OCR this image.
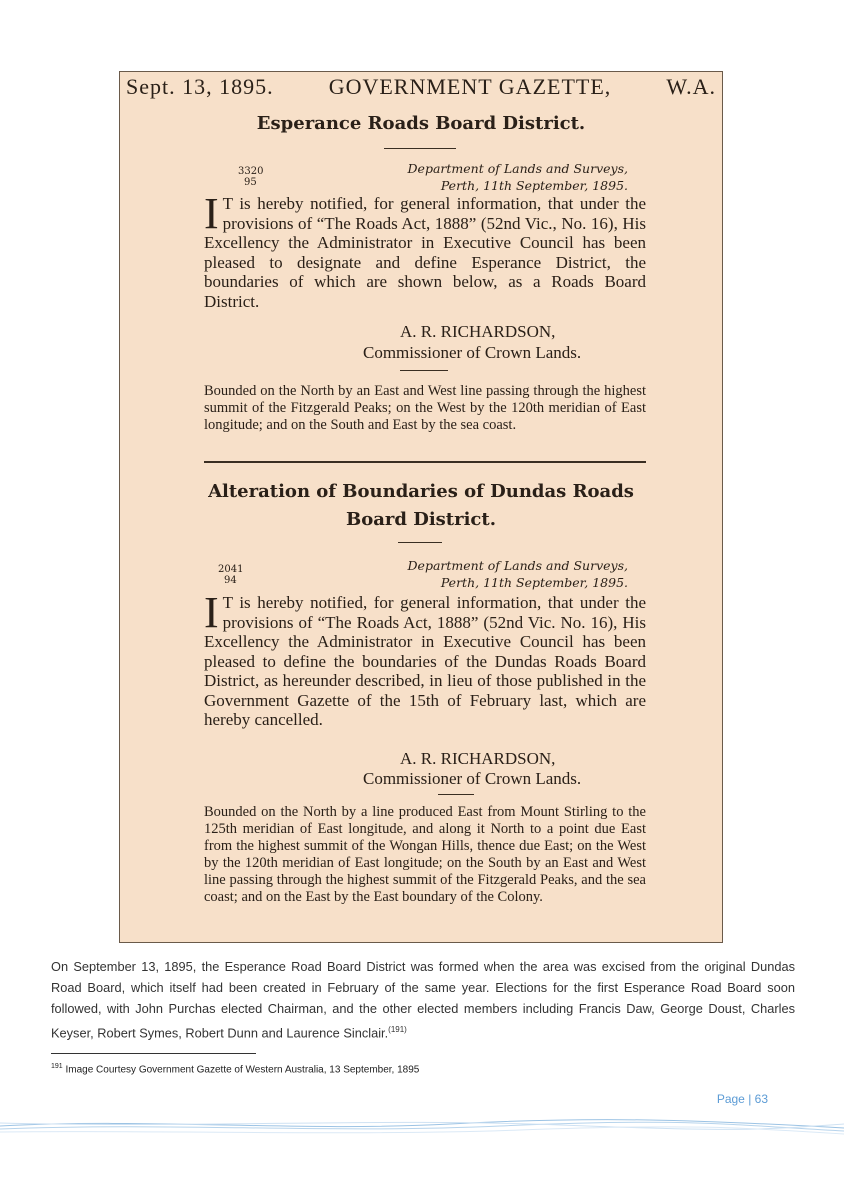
Sept. 13, 1895.	GOVERNMENT GAZETTE,	W.A.
Esperance Roads Board District.
3320
95
Department of Lands and Surveys,
Perth, 11th September, 1895.
I T is hereby notified, for general information, that under the provisions of “The Roads Act, 1888” (52nd Vic., No. 16), His Excellency the Administrator in Executive Council has been pleased to designate and define Esperance District, the boundaries of which are shown below, as a Roads Board District.
A. R. RICHARDSON,
Commissioner of Crown Lands.
Bounded on the North by an East and West line passing through the highest summit of the Fitzgerald Peaks; on the West by the 120th meridian of East longitude; and on the South and East by the sea coast.
Alteration of Boundaries of Dundas Roads
Board District.
2041
94
Department of Lands and Surveys,
Perth, 11th September, 1895.
I T is hereby notified, for general information, that under the provisions of “The Roads Act, 1888” (52nd Vic. No. 16), His Excellency the Administrator in Executive Council has been pleased to define the boundaries of the Dundas Roads Board District, as hereunder described, in lieu of those published in the Government Gazette of the 15th of February last, which are hereby cancelled.
A. R. RICHARDSON,
Commissioner of Crown Lands.
Bounded on the North by a line produced East from Mount Stirling to the 125th meridian of East longitude, and along it North to a point due East from the highest summit of the Wongan Hills, thence due East; on the West by the 120th meridian of East longitude; on the South by an East and West line passing through the highest summit of the Fitzgerald Peaks, and the sea coast; and on the East by the East boundary of the Colony.
On September 13, 1895, the Esperance Road Board District was formed when the area was excised from the original Dundas Road Board, which itself had been created in February of the same year. Elections for the first Esperance Road Board soon followed, with John Purchas elected Chairman, and the other elected members including Francis Daw, George Doust, Charles Keyser, Robert Symes, Robert Dunn and Laurence Sinclair.$^{(191)}$
$^{191}$ Image Courtesy Government Gazette of Western Australia, 13 September, 1895
Page | 63
